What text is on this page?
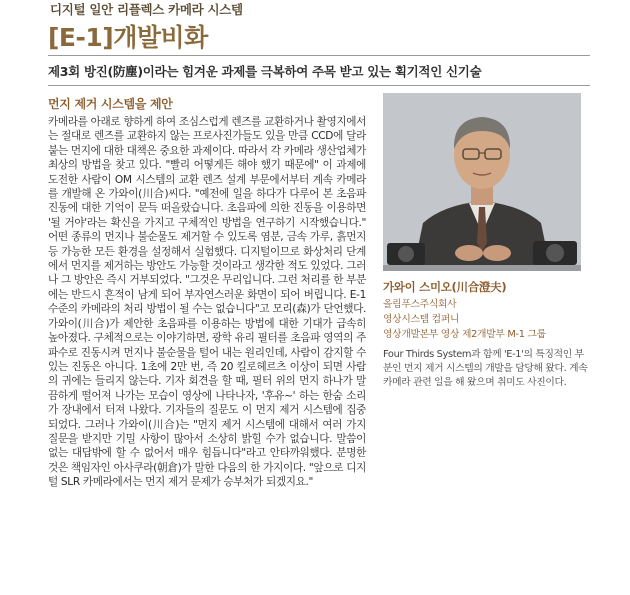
디지털 일안 리플렉스 카메라 시스템
[E-1]개발비화
제3회 방진(防塵)이라는 힘겨운 과제를 극복하여 주목 받고 있는 획기적인 신기술
먼지 제거 시스템을 제안
카메라를 아래로 향하게 하여 조심스럽게 렌즈를 교환하거나 촬영지에서는 절대로 렌즈를 교환하지 않는 프로사진가들도 있을 만큼 CCD에 달라 붙는 먼지에 대한 대책은 중요한 과제이다. 따라서 각 카메라 생산업체가 최상의 방법을 찾고 있다. "빨리 어떻게든 해야 했기 때문에" 이 과제에 도전한 사람이 OM 시스템의 교환 렌즈 설계 부문에서부터 계속 카메라를 개발해 온 가와이(川合)씨다. "예전에 일을 하다가 다루어 본 초음파진동에 대한 기억이 문득 떠올랐습니다. 초음파에 의한 진동을 이용하면 '될 거야'라는 확신을 가지고 구체적인 방법을 연구하기 시작했습니다." 어떤 종류의 먼지나 불순물도 제거할 수 있도록 염분, 금속 가루, 흙먼지 등 가능한 모든 환경을 설정해서 실험했다. 디지털이므로 화상처리 단계에서 먼지를 제거하는 방안도 가능할 것이라고 생각한 적도 있었다. 그러나 그 방안은 즉시 거부되었다. "그것은 무리입니다. 그런 처리를 한 부분에는 반드시 흔적이 남게 되어 부자연스러운 화면이 되어 버립니다. E-1 수준의 카메라의 처리 방법이 될 수는 없습니다"고 모리(森)가 단언했다. 가와이(川合)가 제안한 초음파를 이용하는 방법에 대한 기대가 급속히 높아졌다. 구체적으로는 이야기하면, 광학 유리 필터를 초음파 영역의 주파수로 진동시켜 먼지나 불순물을 털어 내는 원리인데, 사람이 감지할 수 있는 진동은 아니다. 1초에 2만 번, 즉 20 킬로헤르츠 이상이 되면 사람의 귀에는 들리지 않는다. 기자 회견을 할 때, 필터 위의 먼지 하나가 말끔하게 떨어져 나가는 모습이 영상에 나타나자, '후유~' 하는 한숨 소리가 장내에서 터져 나왔다. 기자들의 질문도 이 먼지 제거 시스템에 집중되었다. 그러나 가와이(川合)는 "먼지 제거 시스템에 대해서 여러 가지 질문을 받지만 기밀 사항이 많아서 소상히 밝힐 수가 없습니다. 말씀이 없는 대답밖에 할 수 없어서 매우 힘듭니다"라고 안타까워했다. 분명한 것은 책임자인 아사쿠라(朝倉)가 말한 다음의 한 가지이다. "앞으로 디지털 SLR 카메라에서는 먼지 제거 문제가 승부처가 되겠지요."
가와이 스미오(川合澄夫)
올림푸스주식회사
영상시스템 컴퍼니
영상개발본부 영상 제2개발부 M-1 그룹
Four Thirds System과 함께 'E-1'의 특징적인 부분인 먼지 제거 시스템의 개발을 담당해 왔다. 계속 카메라 관련 일을 해 왔으며 취미도 사진이다.
